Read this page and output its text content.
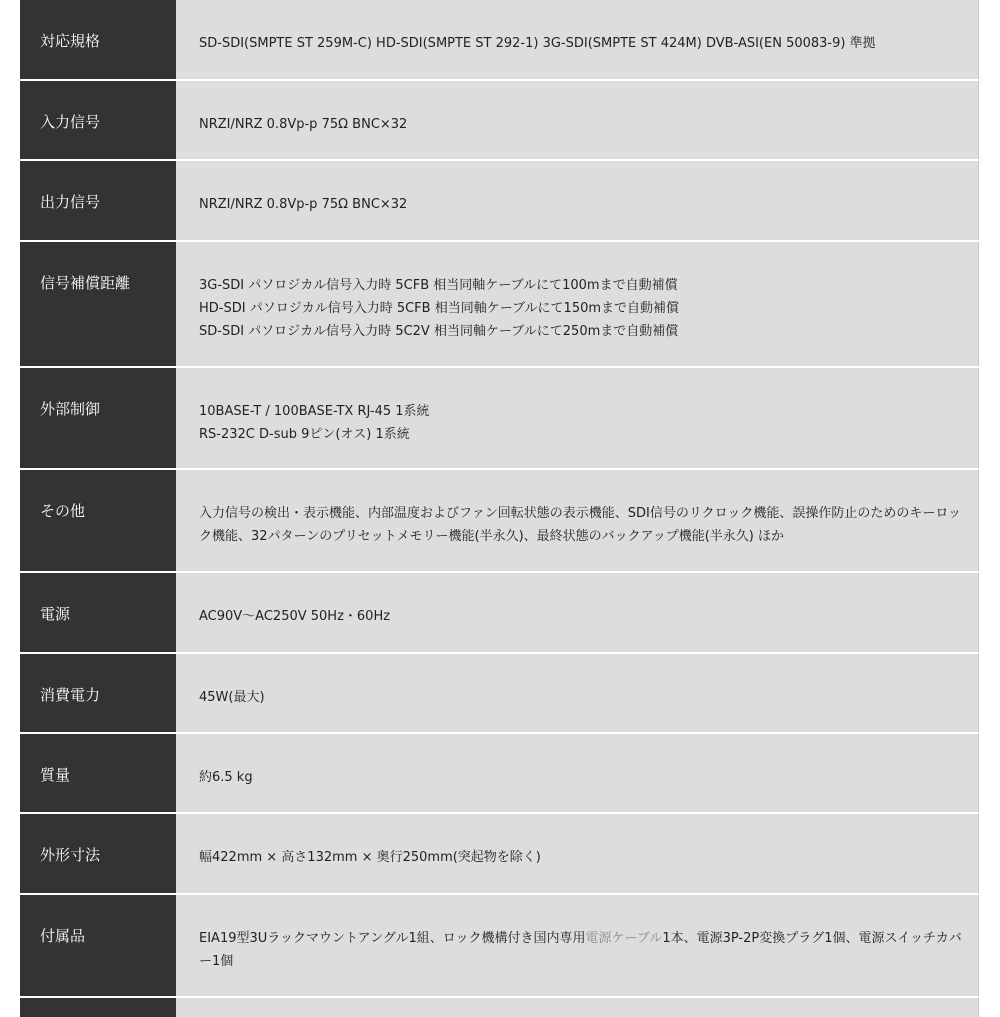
対応規格	SD-SDI(SMPTE ST 259M-C) HD-SDI(SMPTE ST 292-1) 3G-SDI(SMPTE ST 424M) DVB-ASI(EN 50083-9) 準拠

入力信号	NRZI/NRZ 0.8Vp-p 75Ω BNC×32

出力信号	NRZI/NRZ 0.8Vp-p 75Ω BNC×32

信号補償距離	3G-SDI パソロジカル信号入力時 5CFB 相当同軸ケーブルにて100mまで自動補償
HD-SDI パソロジカル信号入力時 5CFB 相当同軸ケーブルにて150mまで自動補償
SD-SDI パソロジカル信号入力時 5C2V 相当同軸ケーブルにて250mまで自動補償

外部制御	10BASE-T / 100BASE-TX RJ-45 1系統
RS-232C D-sub 9ピン(オス) 1系統

その他	入力信号の検出・表示機能、内部温度およびファン回転状態の表示機能、SDI信号のリクロック機能、誤操作防止のためのキーロック機能、32パターンのプリセットメモリー機能(半永久)、最終状態のバックアップ機能(半永久) ほか

電源	AC90V〜AC250V 50Hz・60Hz

消費電力	45W(最大)

質量	約6.5 kg

外形寸法	幅422mm × 高さ132mm × 奥行250mm(突起物を除く)

付属品	EIA19型3Uラックマウントアングル1組、ロック機構付き国内専用電源ケーブル1本、電源3P-2P変換プラグ1個、電源スイッチカバー1個
